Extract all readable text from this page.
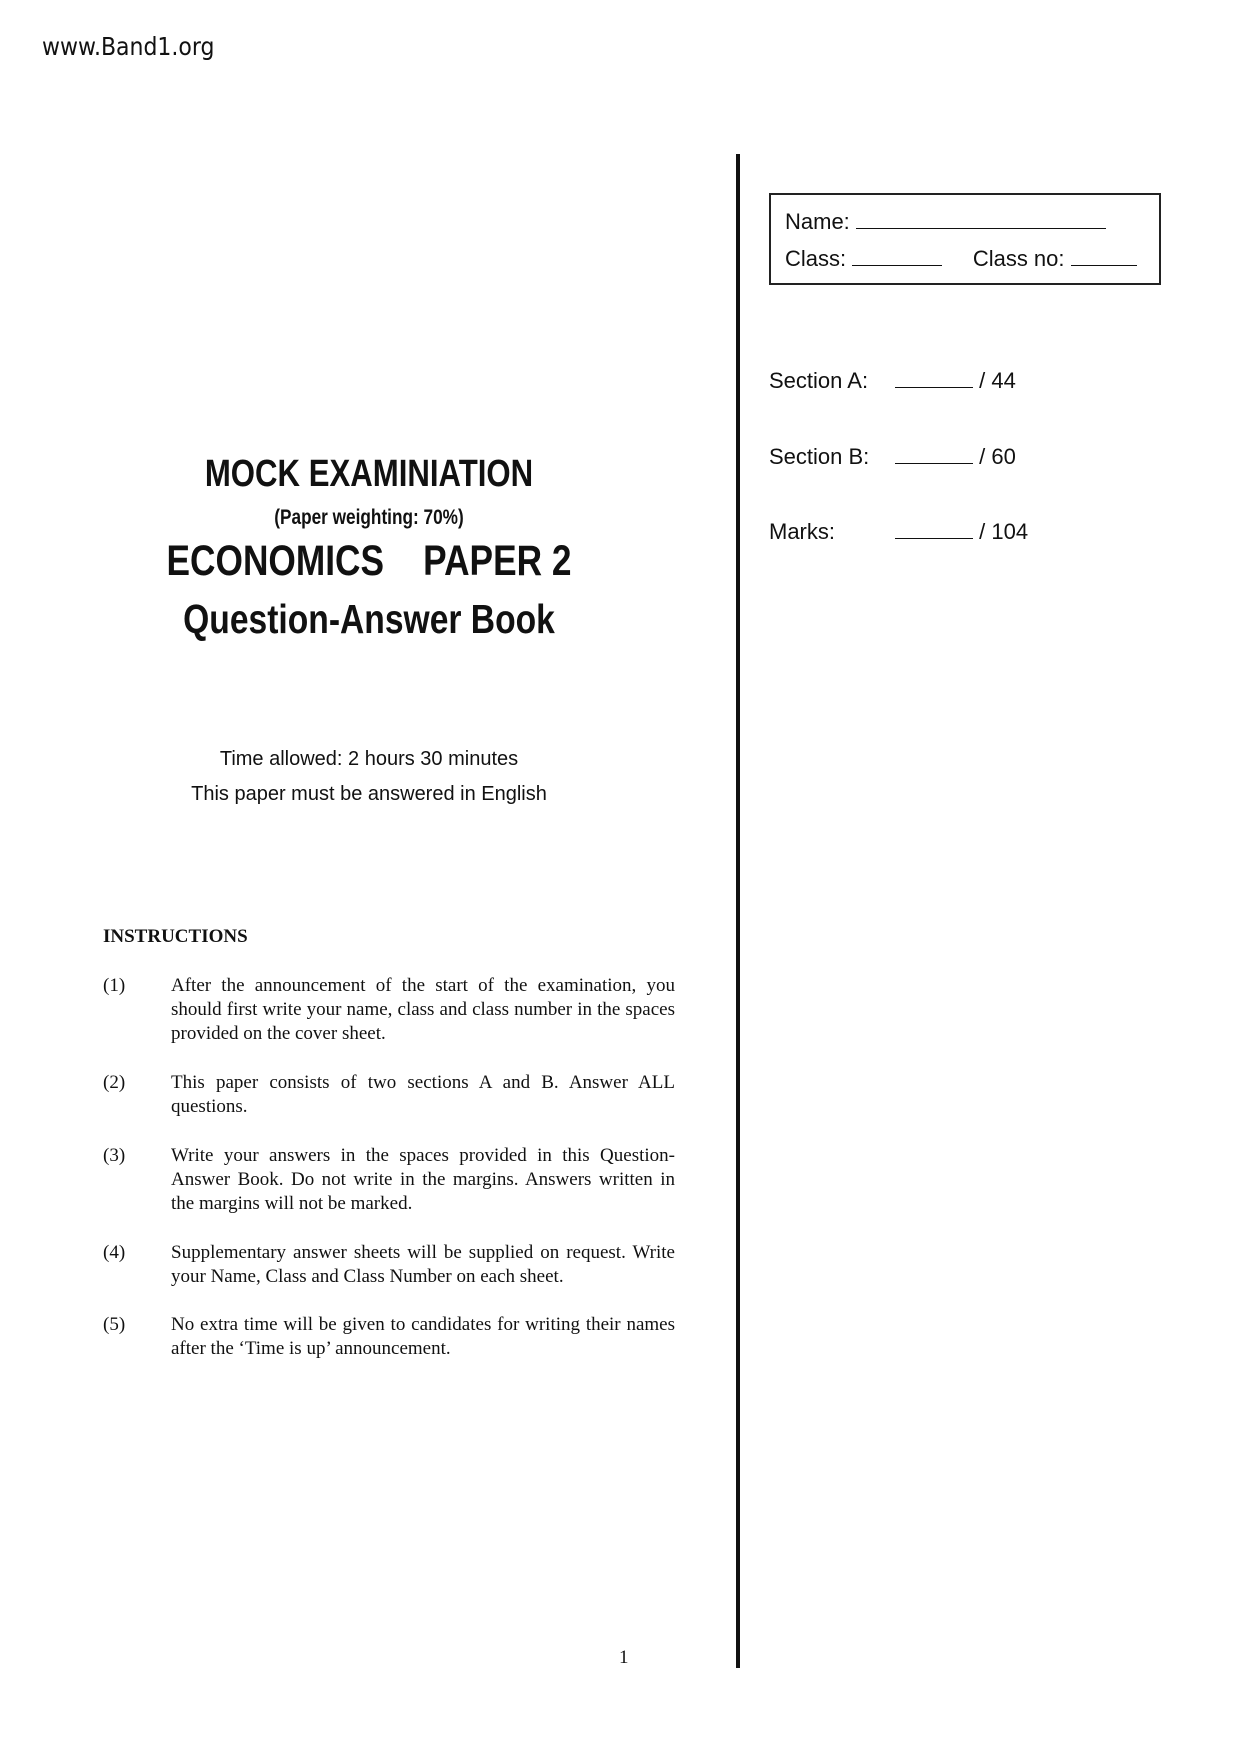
www.Band1.org
Name:
Class:	Class no:
Section A:	/ 44
Section B:	/ 60
Marks:	/ 104
MOCK EXAMINIATION
(Paper weighting: 70%)
ECONOMICS PAPER 2
Question-Answer Book
Time allowed: 2 hours 30 minutes
This paper must be answered in English
INSTRUCTIONS
(1) After the announcement of the start of the examination, you should first write your name, class and class number in the spaces provided on the cover sheet.
(2) This paper consists of two sections A and B. Answer ALL questions.
(3) Write your answers in the spaces provided in this Question-Answer Book. Do not write in the margins. Answers written in the margins will not be marked.
(4) Supplementary answer sheets will be supplied on request. Write your Name, Class and Class Number on each sheet.
(5) No extra time will be given to candidates for writing their names after the ‘Time is up’ announcement.
1
